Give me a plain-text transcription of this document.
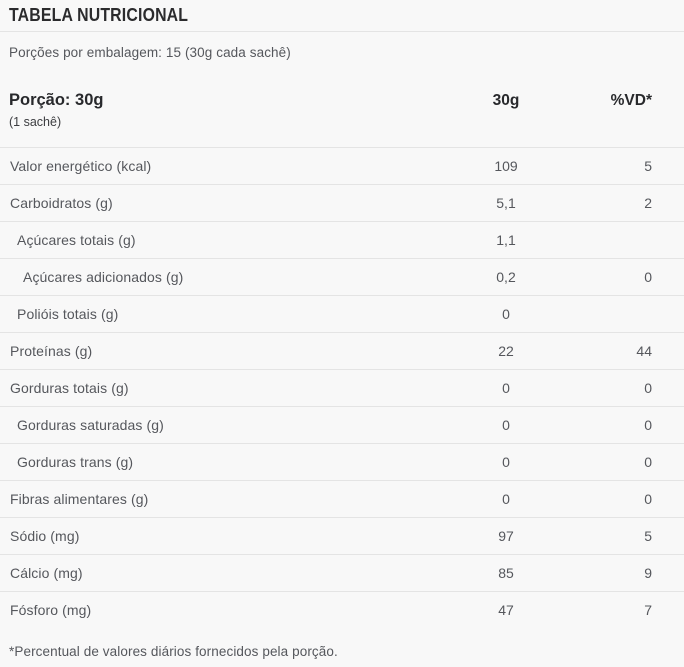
TABELA NUTRICIONAL
Porções por embalagem: 15 (30g cada sachê)
Porção: 30g
(1 sachê)
30g	%VD*
Valor energético (kcal)	109	5
Carboidratos (g)	5,1	2
Açúcares totais (g)	1,1
Açúcares adicionados (g)	0,2	0
Polióis totais (g)	0
Proteínas (g)	22	44
Gorduras totais (g)	0	0
Gorduras saturadas (g)	0	0
Gorduras trans (g)	0	0
Fibras alimentares (g)	0	0
Sódio (mg)	97	5
Cálcio (mg)	85	9
Fósforo (mg)	47	7
*Percentual de valores diários fornecidos pela porção.
